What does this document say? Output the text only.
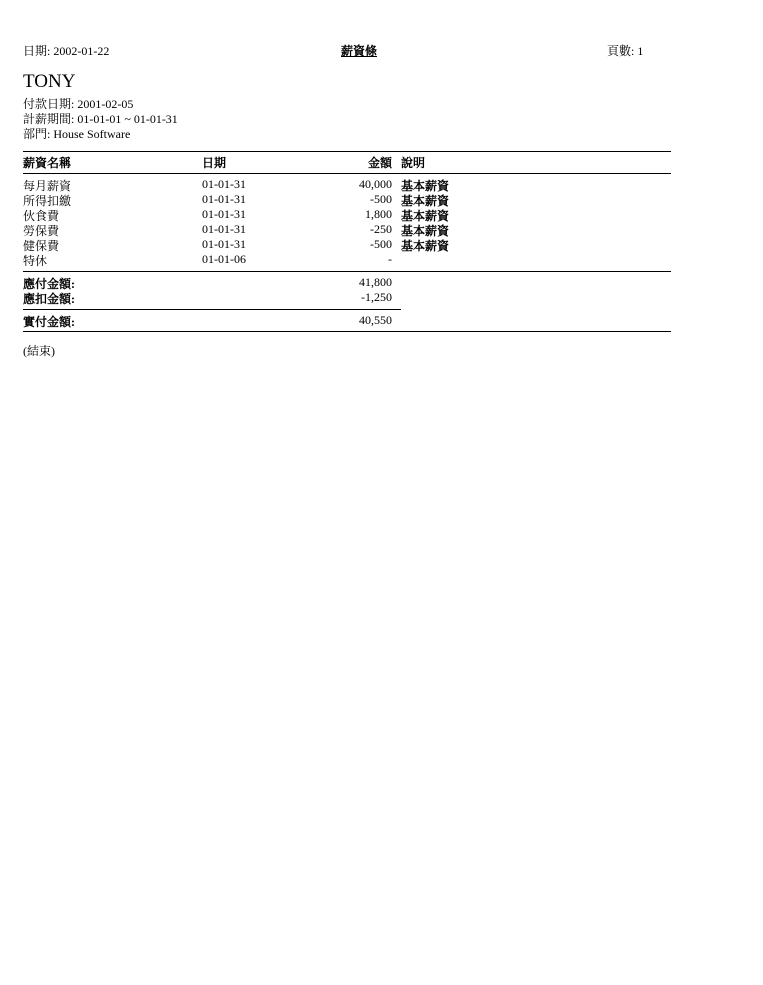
日期: 2002-01-22	薪資條	頁數: 1
TONY
付款日期: 2001-02-05
計薪期間: 01-01-01 ~ 01-01-31
部門: House Software
薪資名稱	日期	金額 說明
每月薪資	01-01-31	40,000 基本薪資
所得扣繳	01-01-31	-500 基本薪資
伙食費	01-01-31	1,800 基本薪資
勞保費	01-01-31	-250 基本薪資
健保費	01-01-31	-500 基本薪資
特休	01-01-06	-
應付金額:	41,800
應扣金額:	-1,250
實付金額:	40,550
(結束)
